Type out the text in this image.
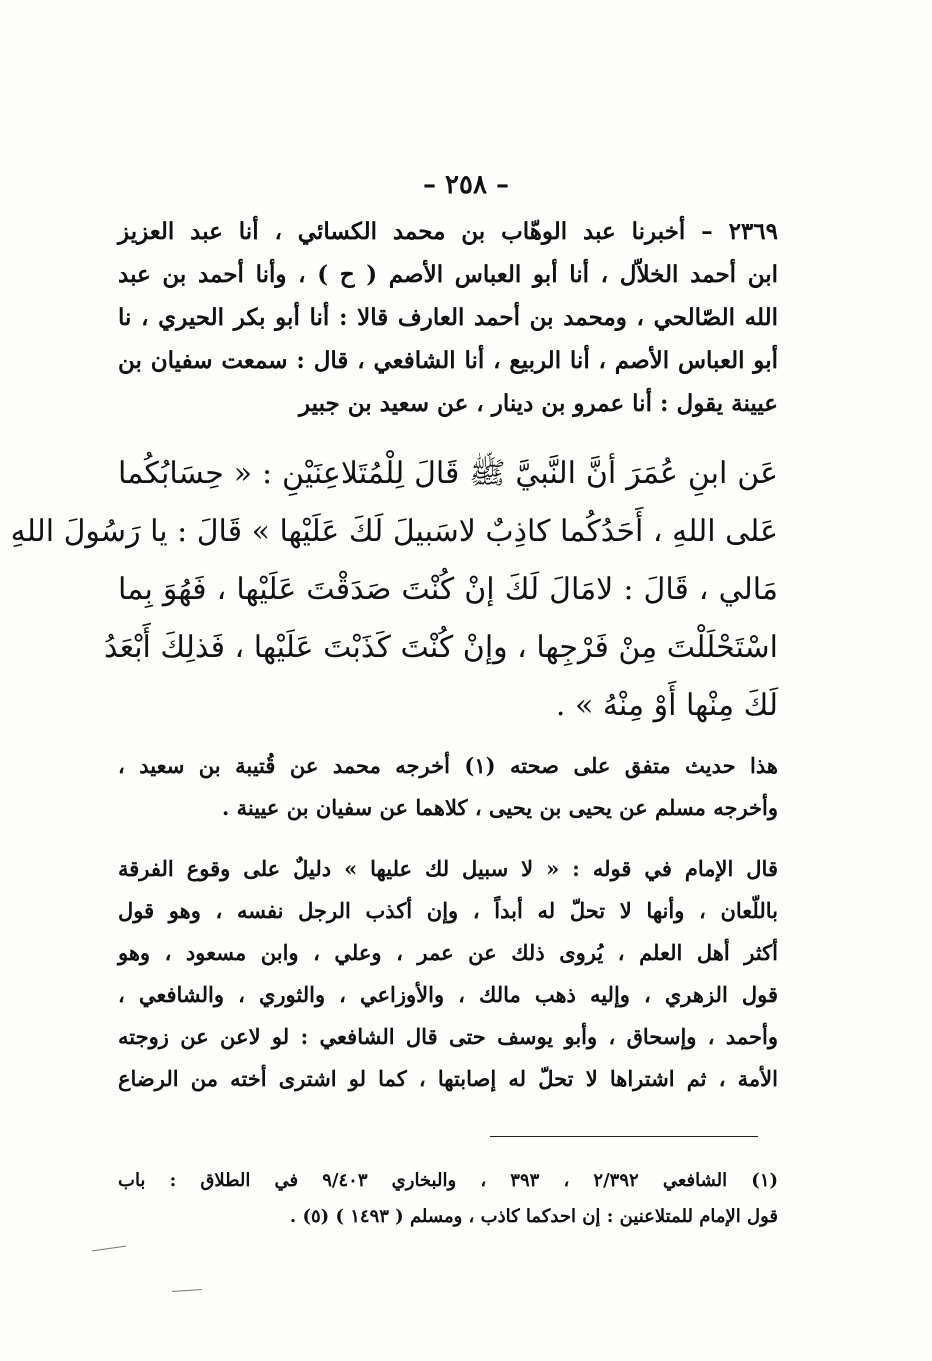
– ٢٥٨ –
٢٣٦٩ – أخبرنا عبد الوهّاب بن محمد الكسائي ، أنا عبد العزيز
ابن أحمد الخلاّل ، أنا أبو العباس الأصم ( ح ) ، وأنا أحمد بن عبد
الله الصّالحي ، ومحمد بن أحمد العارف قالا : أنا أبو بكر الحيري ، نا
أبو العباس الأصم ، أنا الربيع ، أنا الشافعي ، قال : سمعت سفيان بن
عيينة يقول : أنا عمرو بن دينار ، عن سعيد بن جبير
عَن ابنِ عُمَرَ أنَّ النَّبيَّ ﷺ قَالَ لِلْمُتَلاعِنَيْنِ : « حِسَابُكُما
عَلى اللهِ ، أَحَدُكُما كاذِبٌ لاسَبيلَ لَكَ عَلَيْها » قَالَ : يا رَسُولَ اللهِ
مَالي ، قَالَ : لامَالَ لَكَ إنْ كُنْتَ صَدَقْتَ عَلَيْها ، فَهُوَ بِما
اسْتَحْلَلْتَ مِنْ فَرْجِها ، وإنْ كُنْتَ كَذَبْتَ عَلَيْها ، فَذلِكَ أَبْعَدُ
لَكَ مِنْها أَوْ مِنْهُ » .
هذا حديث متفق على صحته (١) أخرجه محمد عن قُتيبة بن سعيد ،
وأخرجه مسلم عن يحيى بن يحيى ، كلاهما عن سفيان بن عيينة .
قال الإمام في قوله : « لا سبيل لك عليها » دليلٌ على وقوع الفرقة
باللّعان ، وأنها لا تحلّ له أبداً ، وإن أكذب الرجل نفسه ، وهو قول
أكثر أهل العلم ، يُروى ذلك عن عمر ، وعلي ، وابن مسعود ، وهو
قول الزهري ، وإليه ذهب مالك ، والأوزاعي ، والثوري ، والشافعي ،
وأحمد ، وإسحاق ، وأبو يوسف حتى قال الشافعي : لو لاعن عن زوجته
الأمة ، ثم اشتراها لا تحلّ له إصابتها ، كما لو اشترى أخته من الرضاع
(١) الشافعي ٢/٣٩٢ ، ٣٩٣ ، والبخاري ٩/٤٠٣ في الطلاق : باب
قول الإمام للمتلاعنين : إن احدكما كاذب ، ومسلم ( ١٤٩٣ ) (٥) .
